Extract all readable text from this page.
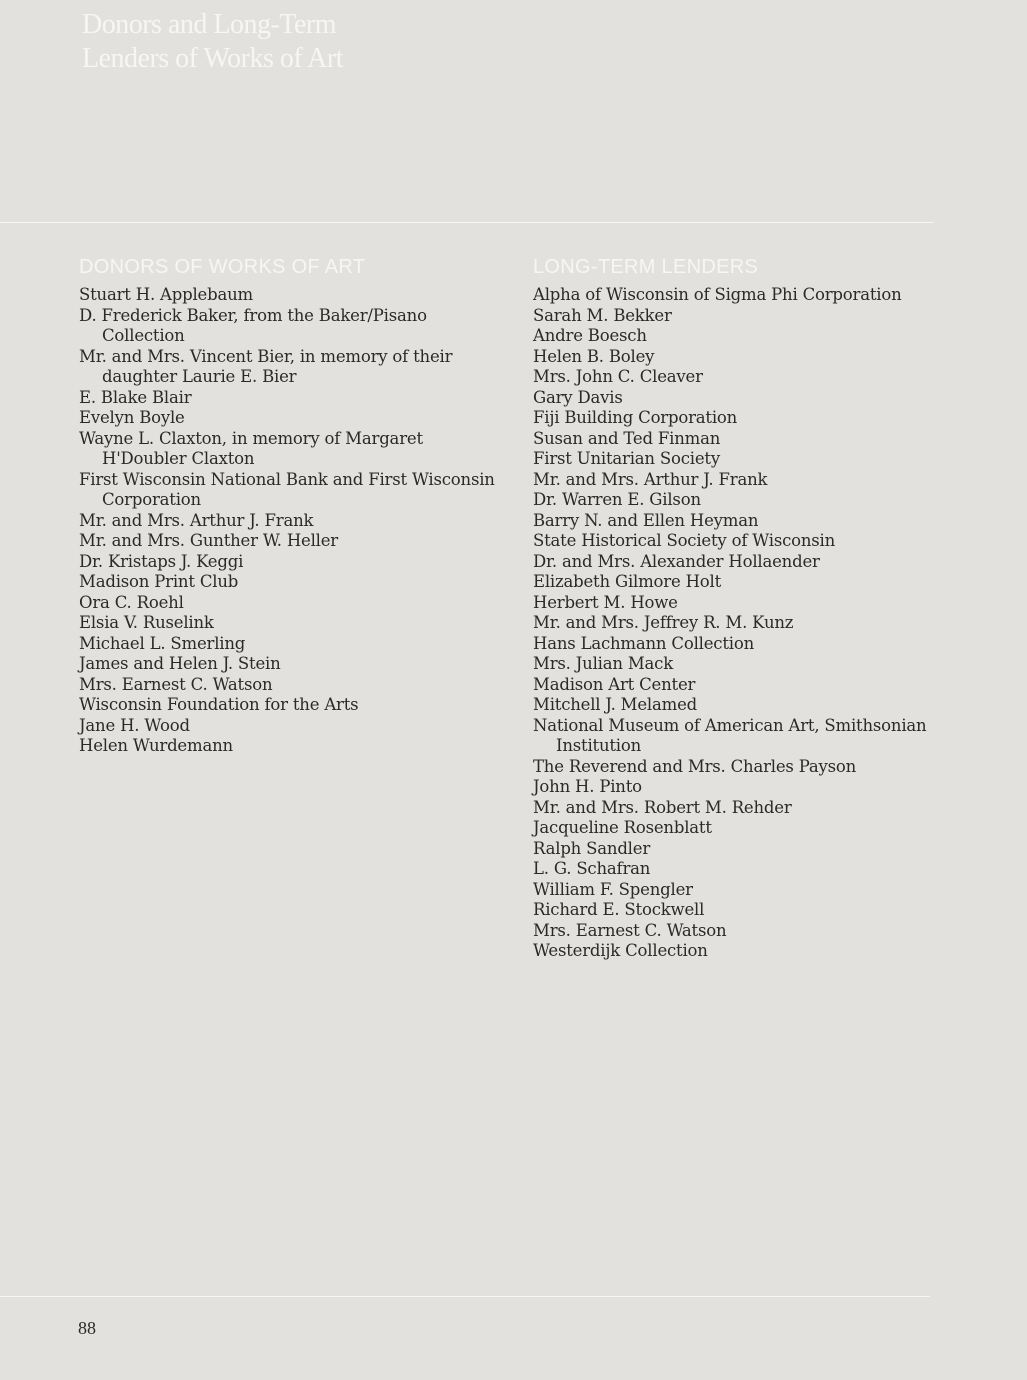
Donors and Long-Term
Lenders of Works of Art
DONORS OF WORKS OF ART
Stuart H. Applebaum
D. Frederick Baker, from the Baker/Pisano
Collection
Mr. and Mrs. Vincent Bier, in memory of their
daughter Laurie E. Bier
E. Blake Blair
Evelyn Boyle
Wayne L. Claxton, in memory of Margaret
H'Doubler Claxton
First Wisconsin National Bank and First Wisconsin
Corporation
Mr. and Mrs. Arthur J. Frank
Mr. and Mrs. Gunther W. Heller
Dr. Kristaps J. Keggi
Madison Print Club
Ora C. Roehl
Elsia V. Ruselink
Michael L. Smerling
James and Helen J. Stein
Mrs. Earnest C. Watson
Wisconsin Foundation for the Arts
Jane H. Wood
Helen Wurdemann
LONG-TERM LENDERS
Alpha of Wisconsin of Sigma Phi Corporation
Sarah M. Bekker
Andre Boesch
Helen B. Boley
Mrs. John C. Cleaver
Gary Davis
Fiji Building Corporation
Susan and Ted Finman
First Unitarian Society
Mr. and Mrs. Arthur J. Frank
Dr. Warren E. Gilson
Barry N. and Ellen Heyman
State Historical Society of Wisconsin
Dr. and Mrs. Alexander Hollaender
Elizabeth Gilmore Holt
Herbert M. Howe
Mr. and Mrs. Jeffrey R. M. Kunz
Hans Lachmann Collection
Mrs. Julian Mack
Madison Art Center
Mitchell J. Melamed
National Museum of American Art, Smithsonian
Institution
The Reverend and Mrs. Charles Payson
John H. Pinto
Mr. and Mrs. Robert M. Rehder
Jacqueline Rosenblatt
Ralph Sandler
L. G. Schafran
William F. Spengler
Richard E. Stockwell
Mrs. Earnest C. Watson
Westerdijk Collection
88
